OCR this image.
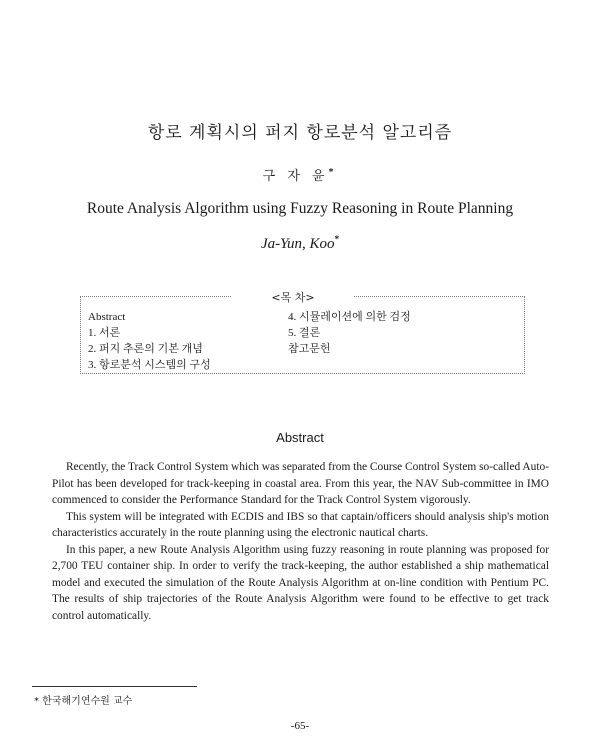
항로 계획시의 퍼지 항로분석 알고리즘
구 자 윤*
Route Analysis Algorithm using Fuzzy Reasoning in Route Planning
Ja-Yun, Koo*
<목 차>
Abstract
1. 서론
2. 퍼지 추론의 기본 개념
3. 항로분석 시스템의 구성
4. 시뮬레이션에 의한 검정
5. 결론
참고문헌
Abstract

Recently, the Track Control System which was separated from the Course Control System so-called Auto-Pilot has been developed for track-keeping in coastal area. From this year, the NAV Sub-committee in IMO commenced to consider the Performance Standard for the Track Control System vigorously.

This system will be integrated with ECDIS and IBS so that captain/officers should analysis ship's motion characteristics accurately in the route planning using the electronic nautical charts.

In this paper, a new Route Analysis Algorithm using fuzzy reasoning in route planning was proposed for 2,700 TEU container ship. In order to verify the track-keeping, the author established a ship mathematical model and executed the simulation of the Route Analysis Algorithm at on-line condition with Pentium PC. The results of ship trajectories of the Route Analysis Algorithm were found to be effective to get track control automatically.

* 한국해기연수원 교수
-65-
